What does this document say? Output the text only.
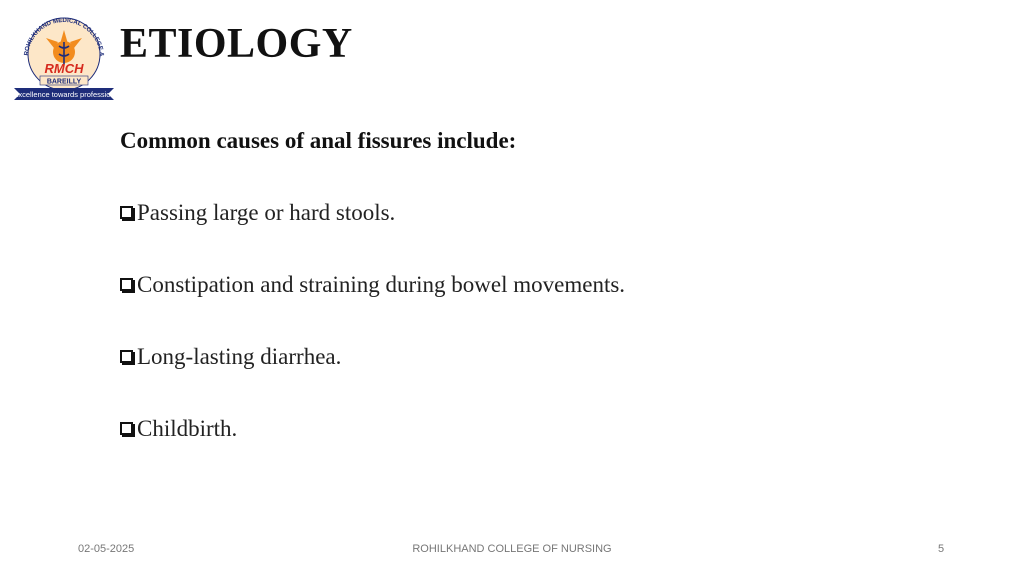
ROHILKHAND MEDICAL COLLEGE &
RMCH
BAREILLY
Excellence towards profession
ETIOLOGY
Common causes of anal fissures include:
Passing large or hard stools.
Constipation and straining during bowel movements.
Long-lasting diarrhea.
Childbirth.
02-05-2025	ROHILKHAND COLLEGE OF NURSING	5
